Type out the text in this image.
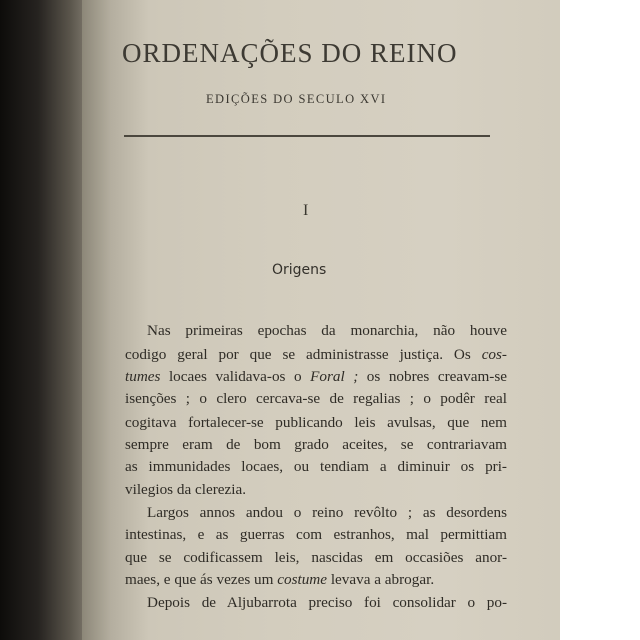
ORDENAÇÕES DO REINO
EDIÇÕES DO SECULO XVI
I
Origens
Nas primeiras epochas da monarchia, não houve
codigo geral por que se administrasse justiça. Os cos-
tumes locaes validava-os o Foral ; os nobres creavam-se
isenções ; o clero cercava-se de regalias ; o podêr real
cogitava fortalecer-se publicando leis avulsas, que nem
sempre eram de bom grado aceites, se contrariavam
as immunidades locaes, ou tendiam a diminuir os pri-
vilegios da clerezia.
Largos annos andou o reino revôlto ; as desordens
intestinas, e as guerras com estranhos, mal permittiam
que se codificassem leis, nascidas em occasiões anor-
maes, e que ás vezes um costume levava a abrogar.
Depois de Aljubarrota preciso foi consolidar o po-
